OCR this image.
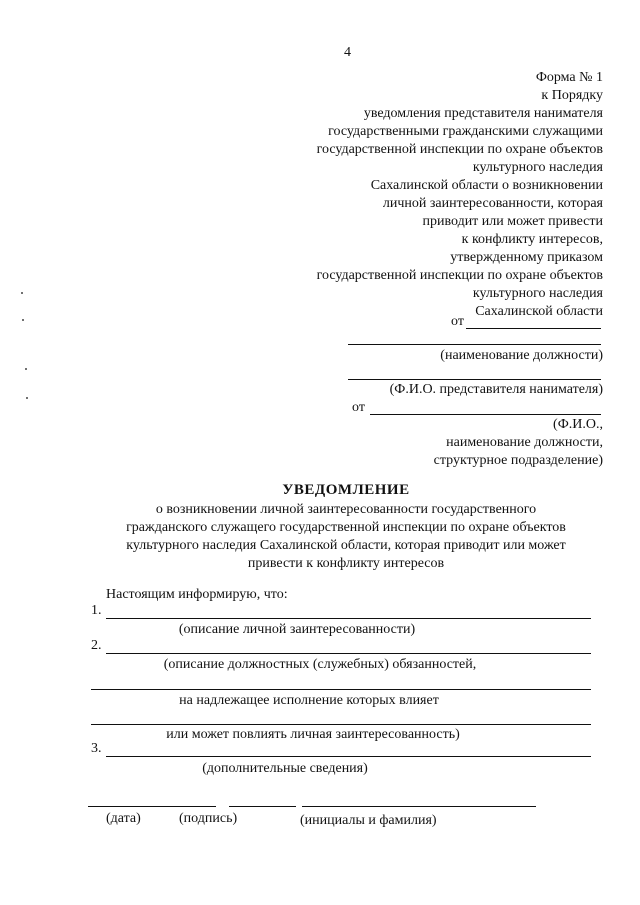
4
Форма № 1
к Порядку
уведомления представителя нанимателя
государственными гражданскими служащими
государственной инспекции по охране объектов
культурного наследия
Сахалинской области о возникновении
личной заинтересованности, которая
приводит или может привести
к конфликту интересов,
утвержденному приказом
государственной инспекции по охране объектов
культурного наследия
Сахалинской области
от
(наименование должности)
(Ф.И.О. представителя нанимателя)
от
(Ф.И.О.,
наименование должности,
структурное подразделение)
УВЕДОМЛЕНИЕ
о возникновении личной заинтересованности государственного
гражданского служащего государственной инспекции по охране объектов
культурного наследия Сахалинской области, которая приводит или может
привести к конфликту интересов
Настоящим информирую, что:
1.
(описание личной заинтересованности)
2.
(описание должностных (служебных) обязанностей,
на надлежащее исполнение которых влияет
или может повлиять личная заинтересованность)
3.
(дополнительные сведения)
(дата)	(подпись)	(инициалы и фамилия)
